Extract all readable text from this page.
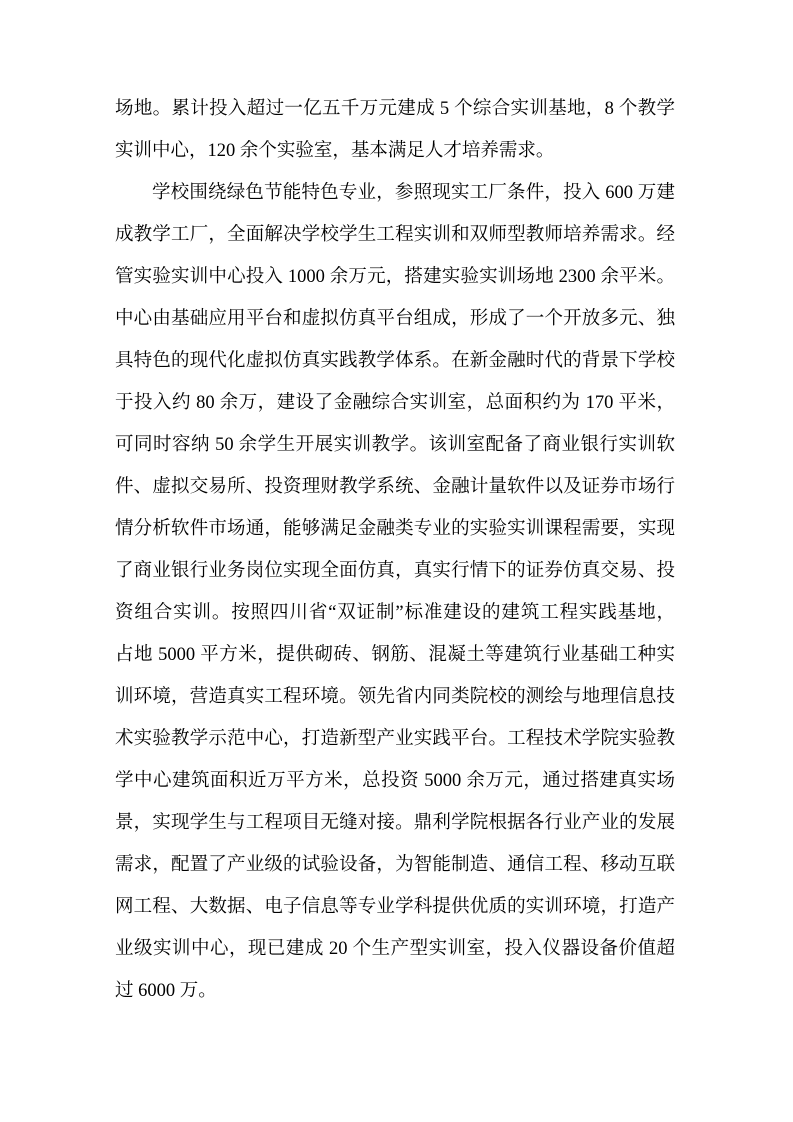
场地。累计投入超过一亿五千万元建成 5 个综合实训基地，8 个教学
实训中心，120 余个实验室，基本满足人才培养需求。
学校围绕绿色节能特色专业，参照现实工厂条件，投入 600 万建
成教学工厂，全面解决学校学生工程实训和双师型教师培养需求。经
管实验实训中心投入 1000 余万元，搭建实验实训场地 2300 余平米。
中心由基础应用平台和虚拟仿真平台组成，形成了一个开放多元、独
具特色的现代化虚拟仿真实践教学体系。在新金融时代的背景下学校
于投入约 80 余万，建设了金融综合实训室，总面积约为 170 平米，
可同时容纳 50 余学生开展实训教学。该训室配备了商业银行实训软
件、虚拟交易所、投资理财教学系统、金融计量软件以及证券市场行
情分析软件市场通，能够满足金融类专业的实验实训课程需要，实现
了商业银行业务岗位实现全面仿真，真实行情下的证券仿真交易、投
资组合实训。按照四川省“双证制”标准建设的建筑工程实践基地，
占地 5000 平方米，提供砌砖、钢筋、混凝土等建筑行业基础工种实
训环境，营造真实工程环境。领先省内同类院校的测绘与地理信息技
术实验教学示范中心，打造新型产业实践平台。工程技术学院实验教
学中心建筑面积近万平方米，总投资 5000 余万元，通过搭建真实场
景，实现学生与工程项目无缝对接。鼎利学院根据各行业产业的发展
需求，配置了产业级的试验设备，为智能制造、通信工程、移动互联
网工程、大数据、电子信息等专业学科提供优质的实训环境，打造产
业级实训中心，现已建成 20 个生产型实训室，投入仪器设备价值超
过 6000 万。
